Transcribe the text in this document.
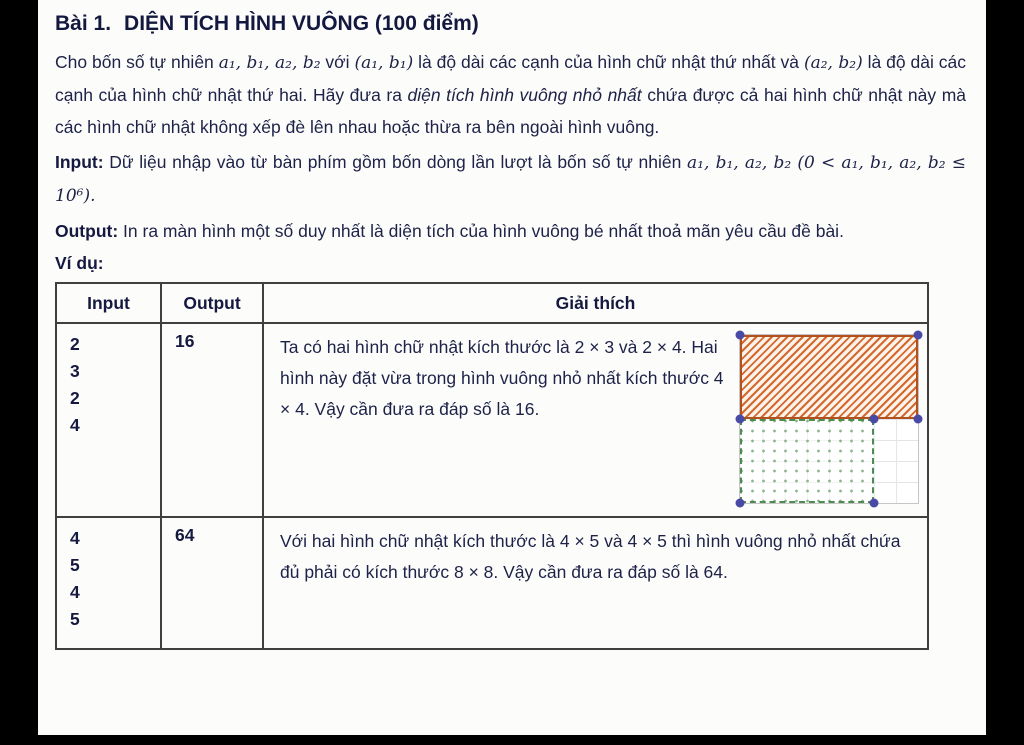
Bài 1. DIỆN TÍCH HÌNH VUÔNG (100 điểm)

Cho bốn số tự nhiên a₁, b₁, a₂, b₂ với (a₁, b₁) là độ dài các cạnh của hình chữ nhật thứ nhất và (a₂, b₂) là độ dài các cạnh của hình chữ nhật thứ hai. Hãy đưa ra diện tích hình vuông nhỏ nhất chứa được cả hai hình chữ nhật này mà các hình chữ nhật không xếp đè lên nhau hoặc thừa ra bên ngoài hình vuông.

Input: Dữ liệu nhập vào từ bàn phím gồm bốn dòng lần lượt là bốn số tự nhiên a₁, b₁, a₂, b₂ (0 < a₁, b₁, a₂, b₂ ≤ 10⁶).

Output: In ra màn hình một số duy nhất là diện tích của hình vuông bé nhất thoả mãn yêu cầu đề bài.

Ví dụ:
Input	Output	Giải thích

2
3
2
4	16	Ta có hai hình chữ nhật kích thước là 2 × 3 và 2 × 4. Hai hình này đặt vừa trong hình vuông nhỏ nhất kích thước 4 × 4. Vậy cần đưa ra đáp số là 16.

4
5
4
5	64	Với hai hình chữ nhật kích thước là 4 × 5 và 4 × 5 thì hình vuông nhỏ nhất chứa đủ phải có kích thước 8 × 8. Vậy cần đưa ra đáp số là 64.
